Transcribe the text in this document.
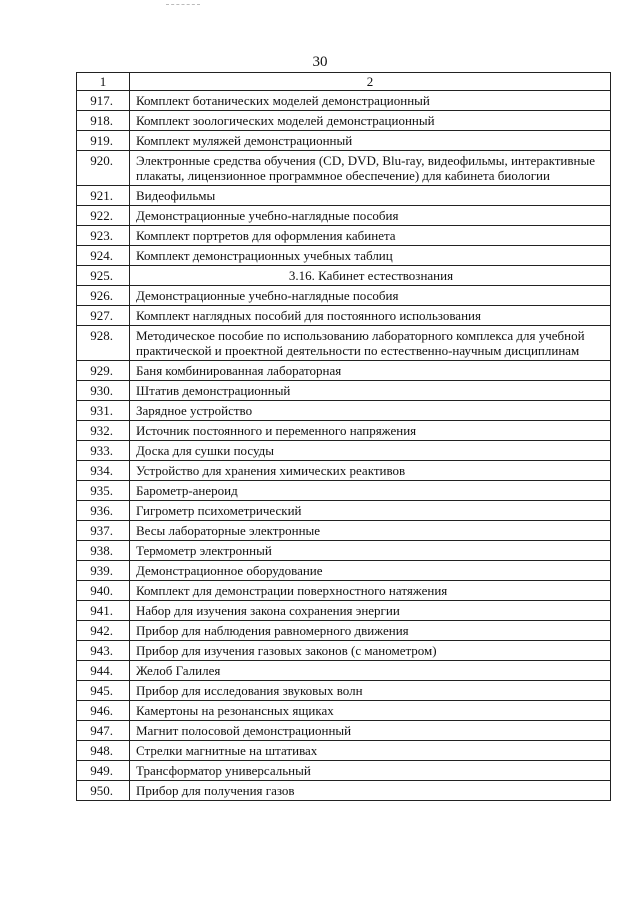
30
1	2
917.	Комплект ботанических моделей демонстрационный
918.	Комплект зоологических моделей демонстрационный
919.	Комплект муляжей демонстрационный
920.	Электронные средства обучения (CD, DVD, Blu-ray, видеофильмы, интерактивные плакаты, лицензионное программное обеспечение) для кабинета биологии
921.	Видеофильмы
922.	Демонстрационные учебно-наглядные пособия
923.	Комплект портретов для оформления кабинета
924.	Комплект демонстрационных учебных таблиц
925.	3.16. Кабинет естествознания
926.	Демонстрационные учебно-наглядные пособия
927.	Комплект наглядных пособий для постоянного использования
928.	Методическое пособие по использованию лабораторного комплекса для учебной практической и проектной деятельности по естественно-научным дисциплинам
929.	Баня комбинированная лабораторная
930.	Штатив демонстрационный
931.	Зарядное устройство
932.	Источник постоянного и переменного напряжения
933.	Доска для сушки посуды
934.	Устройство для хранения химических реактивов
935.	Барометр-анероид
936.	Гигрометр психометрический
937.	Весы лабораторные электронные
938.	Термометр электронный
939.	Демонстрационное оборудование
940.	Комплект для демонстрации поверхностного натяжения
941.	Набор для изучения закона сохранения энергии
942.	Прибор для наблюдения равномерного движения
943.	Прибор для изучения газовых законов (с манометром)
944.	Желоб Галилея
945.	Прибор для исследования звуковых волн
946.	Камертоны на резонансных ящиках
947.	Магнит полосовой демонстрационный
948.	Стрелки магнитные на штативах
949.	Трансформатор универсальный
950.	Прибор для получения газов
